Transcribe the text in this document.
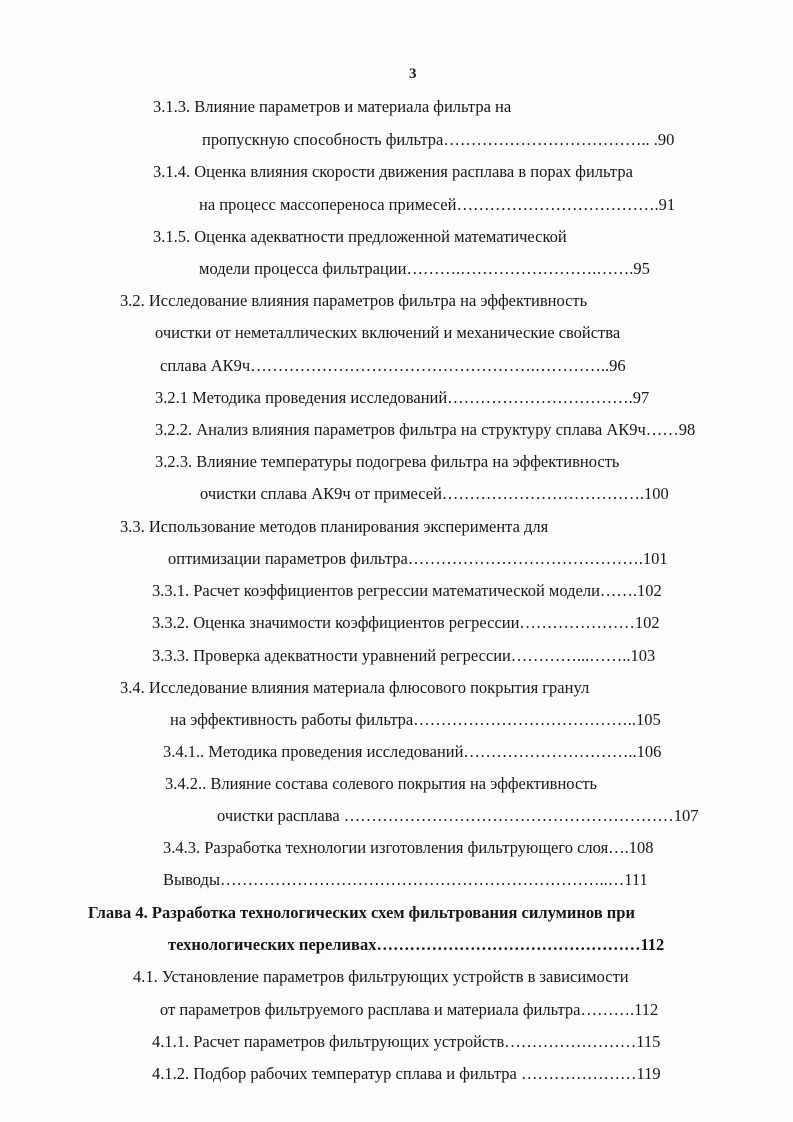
3
3.1.3. Влияние параметров и материала фильтра на
пропускную способность фильтра……………………………….. .90
3.1.4. Оценка влияния скорости движения расплава в порах фильтра
на процесс массопереноса примесей……………………………….91
3.1.5. Оценка адекватности предложенной математической
модели процесса фильтрации……….…………………….…….95
3.2. Исследование влияния параметров фильтра на эффективность
очистки от неметаллических включений и механические свойства
сплава АК9ч…………………………………………….…………..96
3.2.1 Методика проведения исследований…………………………….97
3.2.2. Анализ влияния параметров фильтра на структуру сплава АК9ч……98
3.2.3. Влияние температуры подогрева фильтра на эффективность
очистки сплава АК9ч от примесей……………………………….100
3.3. Использование методов планирования эксперимента для
оптимизации параметров фильтра…………………………………….101
3.3.1. Расчет коэффициентов регрессии математической модели…….102
3.3.2. Оценка значимости коэффициентов регрессии…………………102
3.3.3. Проверка адекватности уравнений регрессии…………...……..103
3.4. Исследование влияния материала флюсового покрытия гранул
на эффективность работы фильтра…………………………………..105
3.4.1.. Методика проведения исследований…………………………..106
3.4.2.. Влияние состава солевого покрытия на эффективность
очистки расплава ……………………………………………………107
3.4.3. Разработка технологии изготовления фильтрующего слоя….108
Выводы……………………………………………………………..…111
Глава 4. Разработка технологических схем фильтрования силуминов при
технологических переливах…………………………………………112
4.1. Установление параметров фильтрующих устройств в зависимости
от параметров фильтруемого расплава и материала фильтра……….112
4.1.1. Расчет параметров фильтрующих устройств……………………115
4.1.2. Подбор рабочих температур сплава и фильтра …………………119
